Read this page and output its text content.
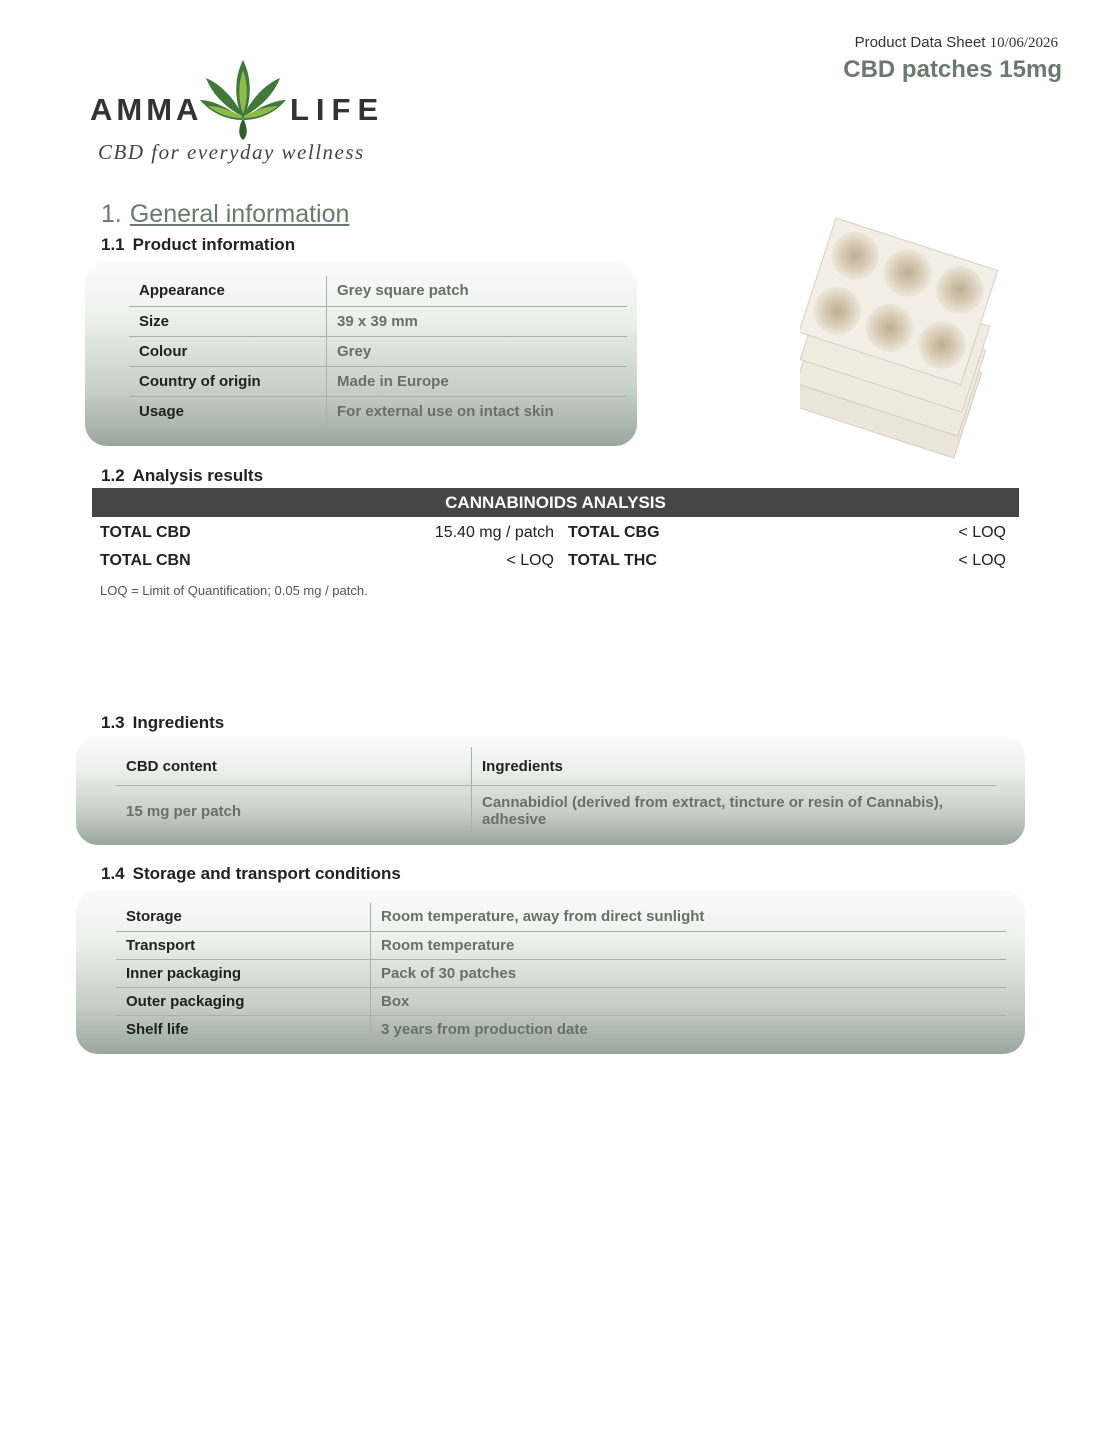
Product Data Sheet 10/06/2026
CBD patches 15mg
AMMA	LIFE
CBD for everyday wellness
1. General information
1.1 Product information
Appearance	Grey square patch
Size	39 x 39 mm
Colour	Grey
Country of origin	Made in Europe
Usage	For external use on intact skin
1.2 Analysis results
CANNABINOIDS ANALYSIS
TOTAL CBD	15.40 mg / patch TOTAL CBG	< LOQ
TOTAL CBN	< LOQ TOTAL THC	< LOQ
LOQ = Limit of Quantification; 0.05 mg / patch.
1.3 Ingredients
CBD content	Ingredients
15 mg per patch	Cannabidiol (derived from extract, tincture or resin of Cannabis), adhesive
1.4 Storage and transport conditions
Storage	Room temperature, away from direct sunlight
Transport	Room temperature
Inner packaging	Pack of 30 patches
Outer packaging	Box
Shelf life	3 years from production date
